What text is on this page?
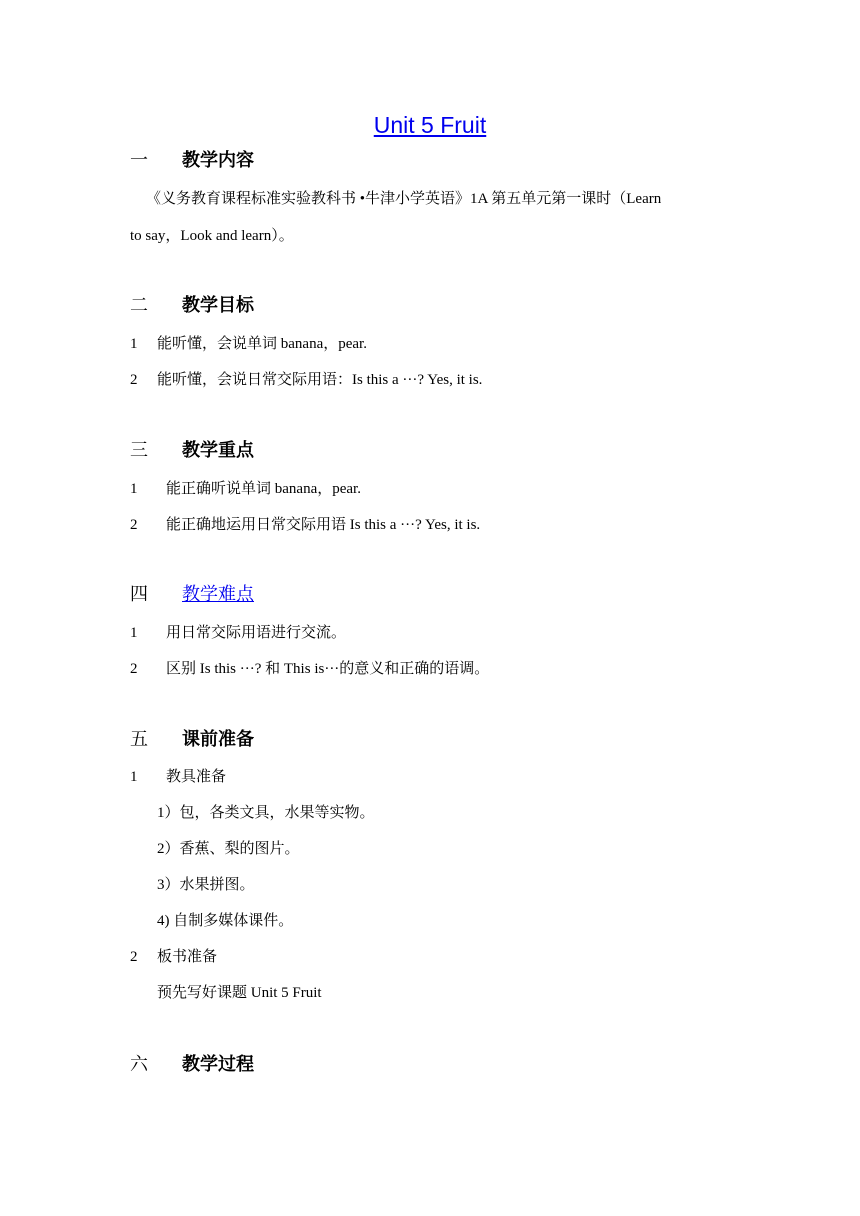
Unit 5 Fruit
一 教学内容
《义务教育课程标准实验教科书 •牛津小学英语》1A 第五单元第一课时（Learn
to say，Look and learn）。
二 教学目标
1 能听懂，会说单词 banana，pear.
2 能听懂，会说日常交际用语：Is this a ···? Yes, it is.
三 教学重点
1 能正确听说单词 banana，pear.
2 能正确地运用日常交际用语 Is this a ···? Yes, it is.
四 教学难点
1 用日常交际用语进行交流。
2 区别 Is this ···? 和 This is···的意义和正确的语调。
五 课前准备
1 教具准备
1）包，各类文具，水果等实物。
2）香蕉、梨的图片。
3）水果拼图。
4) 自制多媒体课件。
2 板书准备
预先写好课题 Unit 5 Fruit
六 教学过程
